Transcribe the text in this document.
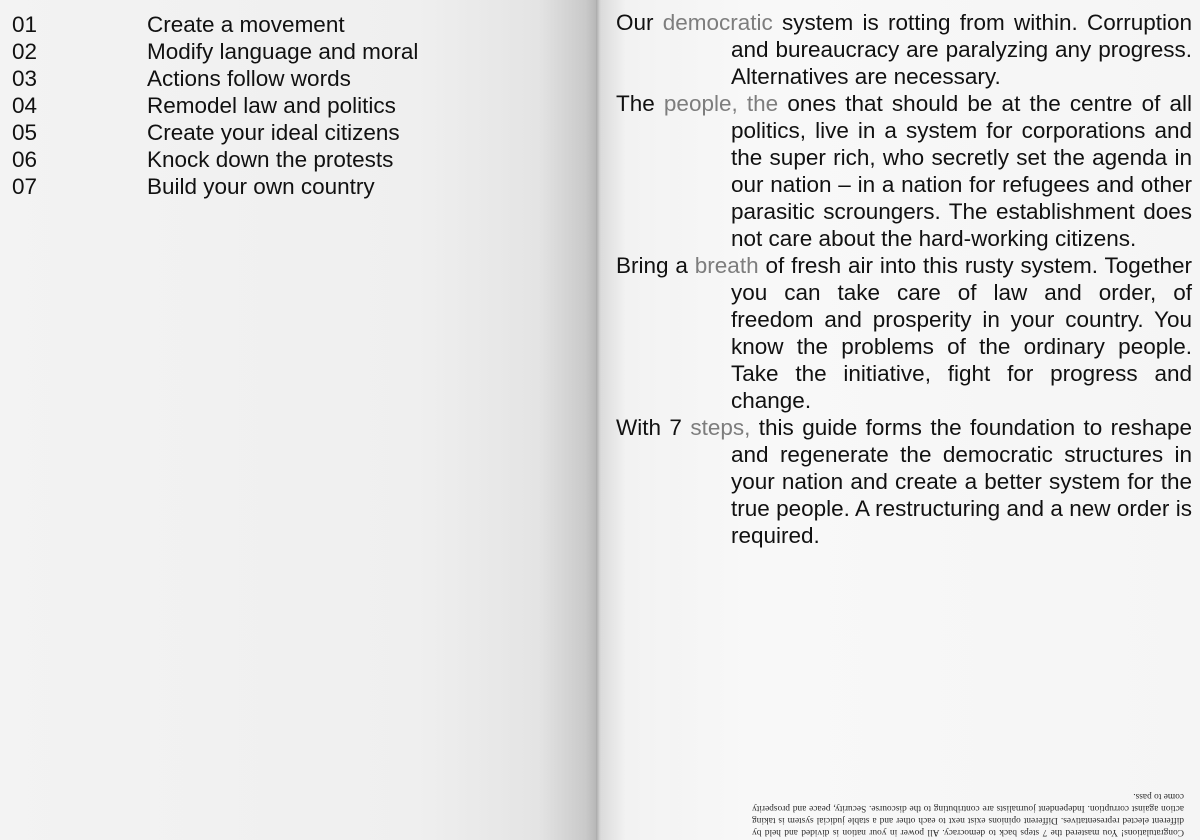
01	Create a movement
02	Modify language and moral
03	Actions follow words
04	Remodel law and politics
05	Create your ideal citizens
06	Knock down the protests
07	Build your own country

Our democratic system is rotting from within. Corruption and bureaucracy are paralyzing any progress. Alternatives are necessary.

The people, the ones that should be at the centre of all politics, live in a system for corporations and the super rich, who secretly set the agenda in our nation – in a nation for refugees and other parasitic scroungers. The establishment does not care about the hard-working citizens.

Bring a breath of fresh air into this rusty system. Together you can take care of law and order, of freedom and prosperity in your country. You know the problems of the ordinary people. Take the initiative, fight for progress and change.

With 7 steps, this guide forms the foundation to reshape and regenerate the democratic structures in your nation and create a better system for the true people. A restructuring and a new order is required.

Congratulations! You mastered the 7 steps back to democracy. All power in your nation is divided and held by different elected representatives. Different opinions exist next to each other and a stable judicial system is taking action against corruption. Independent journalists are contributing to the discourse. Security, peace and prosperity come to pass.
